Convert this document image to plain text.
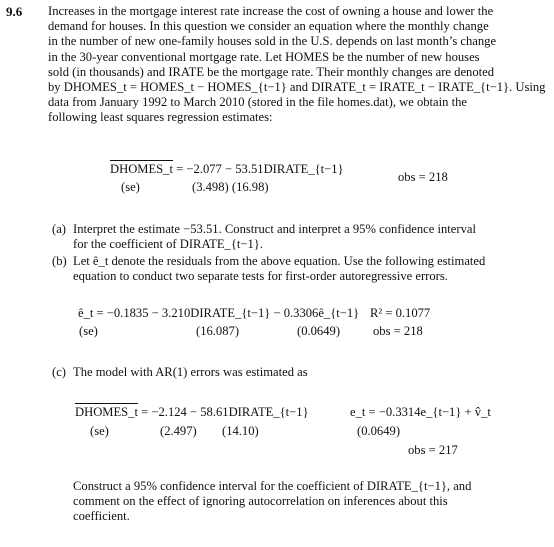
9.6 Increases in the mortgage interest rate increase the cost of owning a house and lower the
demand for houses. In this question we consider an equation where the monthly change
in the number of new one-family houses sold in the U.S. depends on last month’s change
in the 30-year conventional mortgage rate. Let HOMES be the number of new houses
sold (in thousands) and IRATE be the mortgage rate. Their monthly changes are denoted
by DHOMES_t = HOMES_t − HOMES_{t−1} and DIRATE_t = IRATE_t − IRATE_{t−1}. Using
data from January 1992 to March 2010 (stored in the file homes.dat), we obtain the
following least squares regression estimates:
DHOMES_t = −2.077 − 53.51DIRATE_{t−1}
obs = 218
(se)	(3.498) (16.98)
(a) Interpret the estimate −53.51. Construct and interpret a 95% confidence interval
for the coefficient of DIRATE_{t−1}.
(b) Let ê_t denote the residuals from the above equation. Use the following estimated
equation to conduct two separate tests for first-order autoregressive errors.
ê_t = −0.1835 − 3.210DIRATE_{t−1} − 0.3306ê_{t−1} R² = 0.1077
(se)	(16.087)	(0.0649)	obs = 218
(c) The model with AR(1) errors was estimated as
DHOMES_t = −2.124 − 58.61DIRATE_{t−1}	e_t = −0.3314e_{t−1} + v̂_t
(se)	(2.497) (14.10)	(0.0649)
obs = 217
Construct a 95% confidence interval for the coefficient of DIRATE_{t−1}, and
comment on the effect of ignoring autocorrelation on inferences about this
coefficient.
